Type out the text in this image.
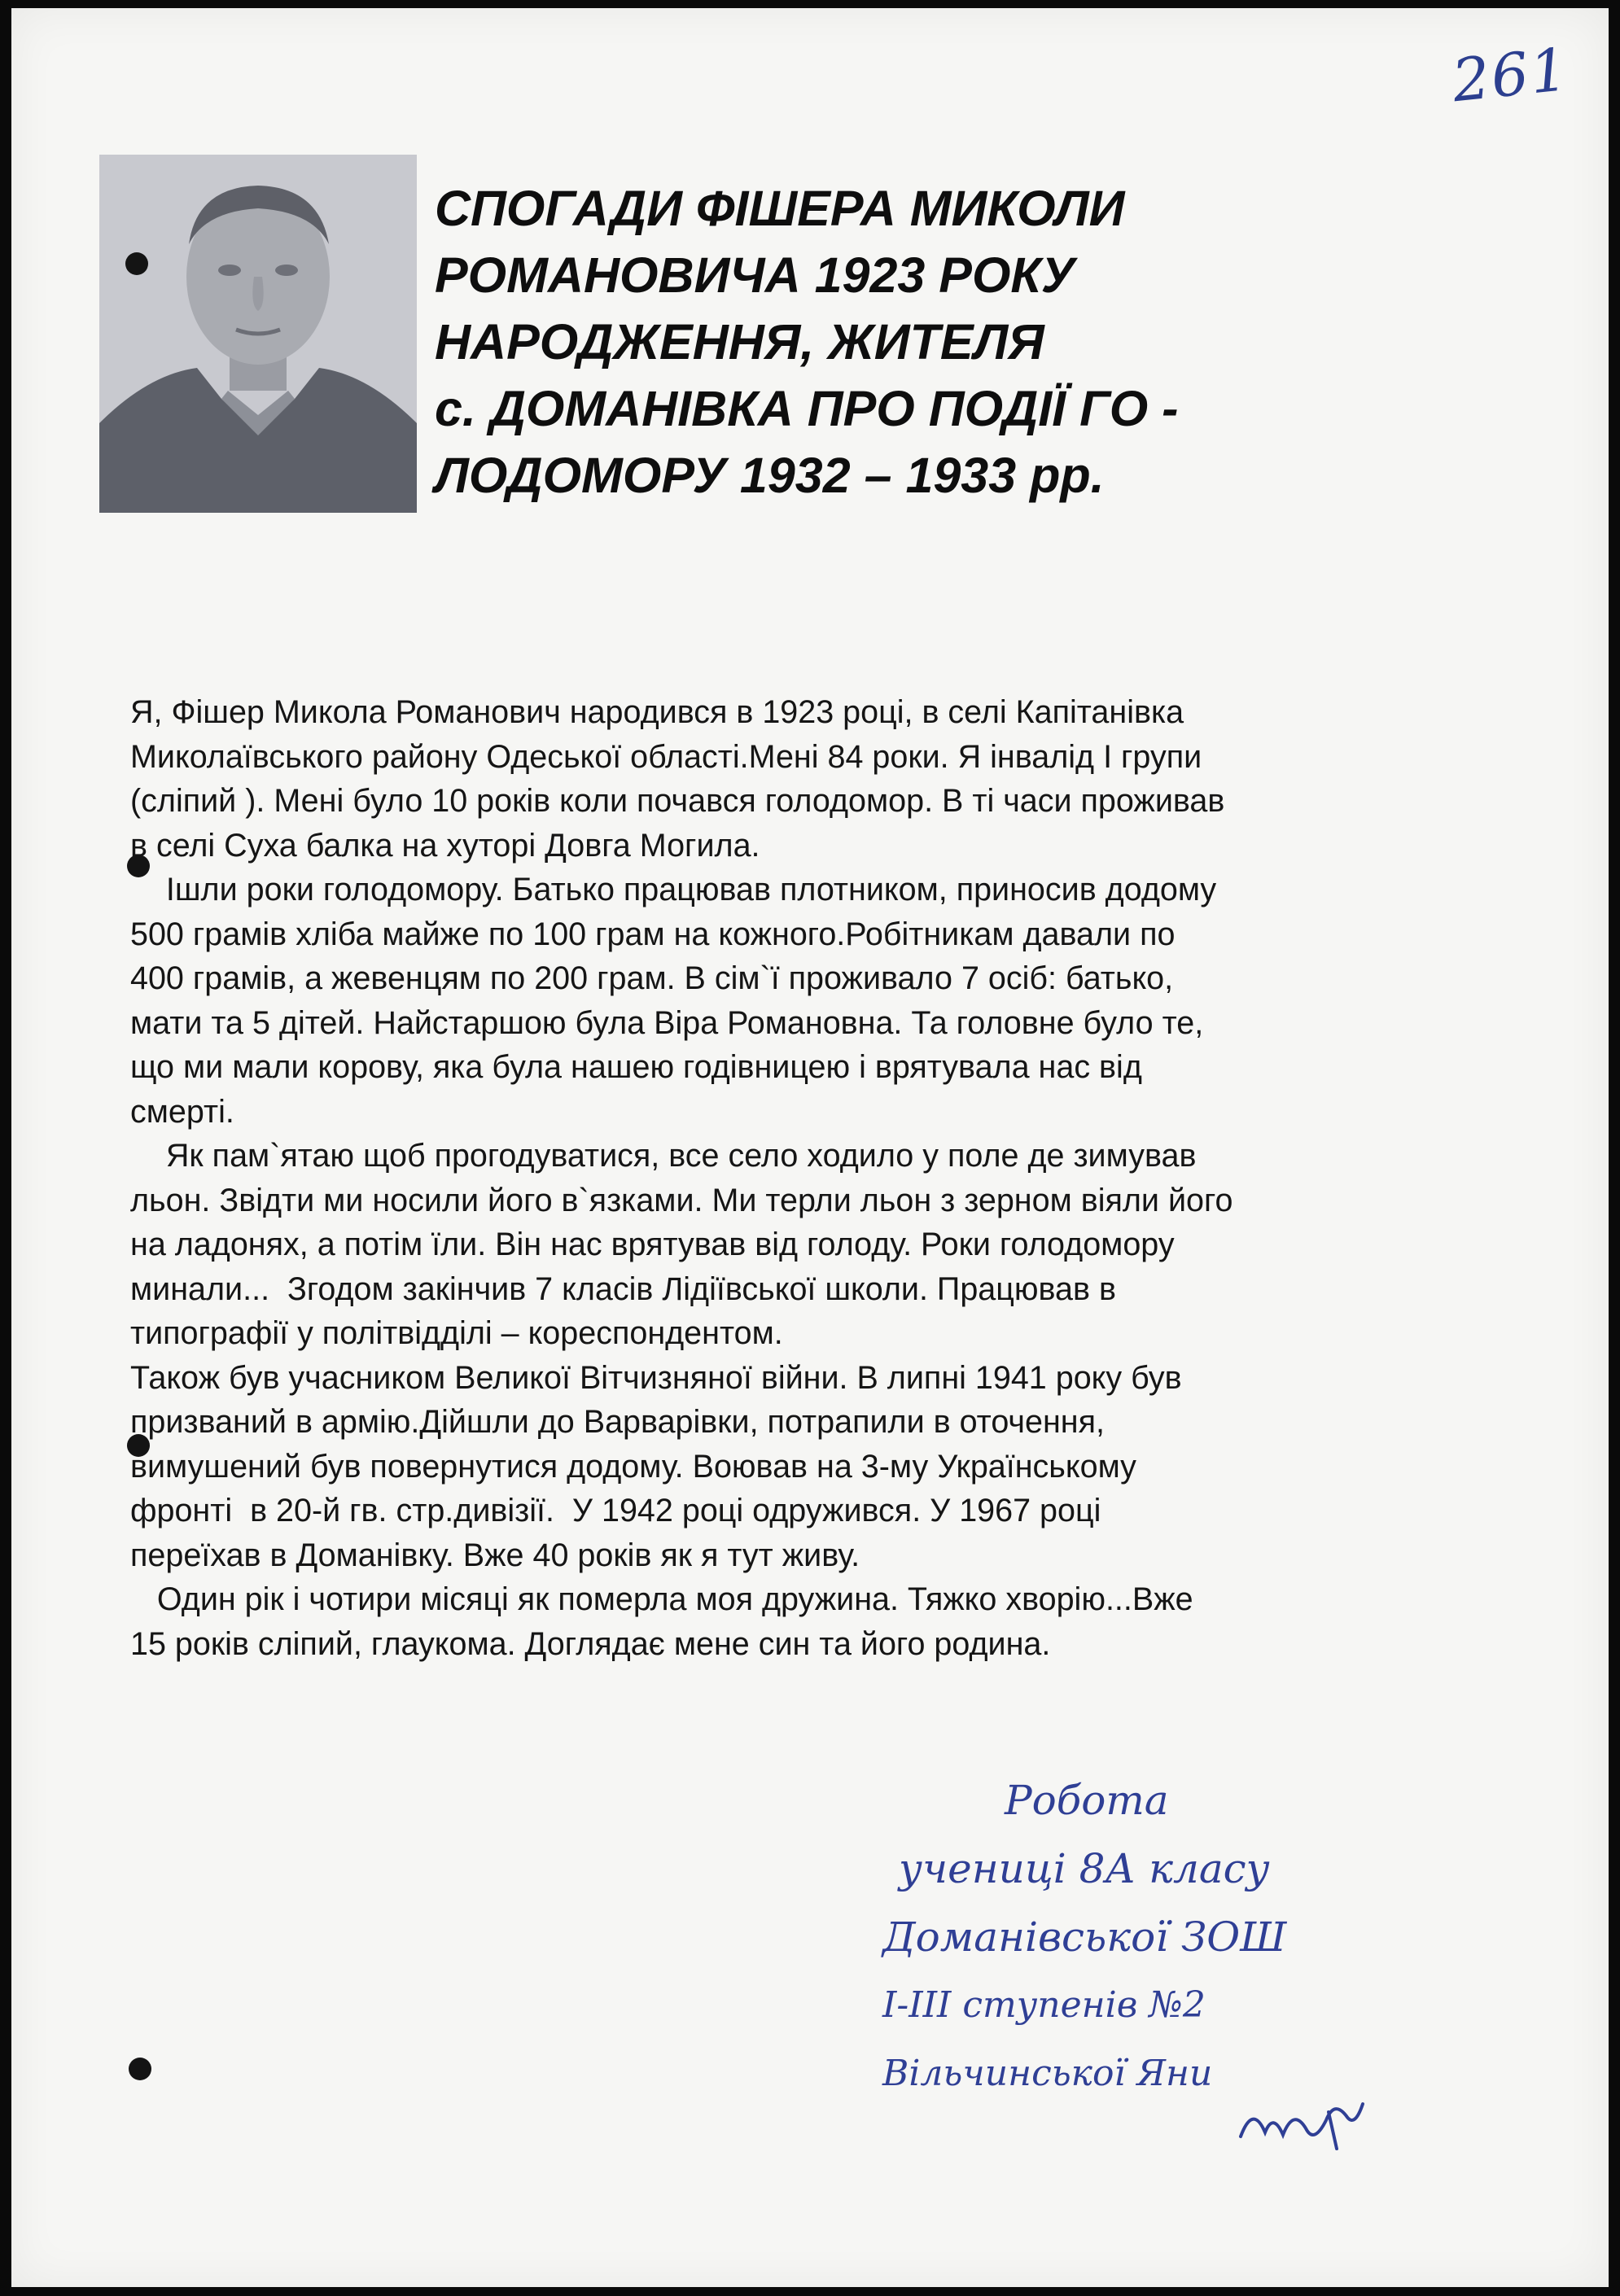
261
СПОГАДИ ФІШЕРА МИКОЛИ
РОМАНОВИЧА 1923 РОКУ
НАРОДЖЕННЯ, ЖИТЕЛЯ
с. ДОМАНІВКА ПРО ПОДІЇ ГО -
ЛОДОМОРУ 1932 – 1933 рр.

Я, Фішер Микола Романович народився в 1923 році, в селі Капітанівка

Миколаївського району Одеської області.Мені 84 роки. Я інвалід І групи

(сліпий ). Мені було 10 років коли почався голодомор. В ті часи проживав

в селі Суха балка на хуторі Довга Могила.

Ішли роки голодомору. Батько працював плотником, приносив додому

500 грамів хліба майже по 100 грам на кожного.Робітникам давали по

400 грамів, а жевенцям по 200 грам. В сім`ї проживало 7 осіб: батько,

мати та 5 дітей. Найстаршою була Віра Романовна. Та головне було те,

що ми мали корову, яка була нашею годівницею і врятувала нас від

смерті.

Як пам`ятаю щоб прогодуватися, все село ходило у поле де зимував

льон. Звідти ми носили його в`язками. Ми терли льон з зерном віяли його

на ладонях, а потім їли. Він нас врятував від голоду. Роки голодомору

минали...  Згодом закінчив 7 класів Лідіївської школи. Працював в

типографії у політвідділі – кореспондентом.

Також був учасником Великої Вітчизняної війни. В липні 1941 року був

призваний в армію.Дійшли до Варварівки, потрапили в оточення,

вимушений був повернутися додому. Воював на 3-му Українському

фронті  в 20-й гв. стр.дивізії.  У 1942 році одружився. У 1967 році

переїхав в Доманівку. Вже 40 років як я тут живу.

Один рік і чотири місяці як померла моя дружина. Тяжко хворію...Вже

15 років сліпий, глаукома. Доглядає мене син та його родина.

Робота
учениці 8А класу
Доманівської ЗОШ
І-ІІІ ступенів №2
Вільчинської Яни
